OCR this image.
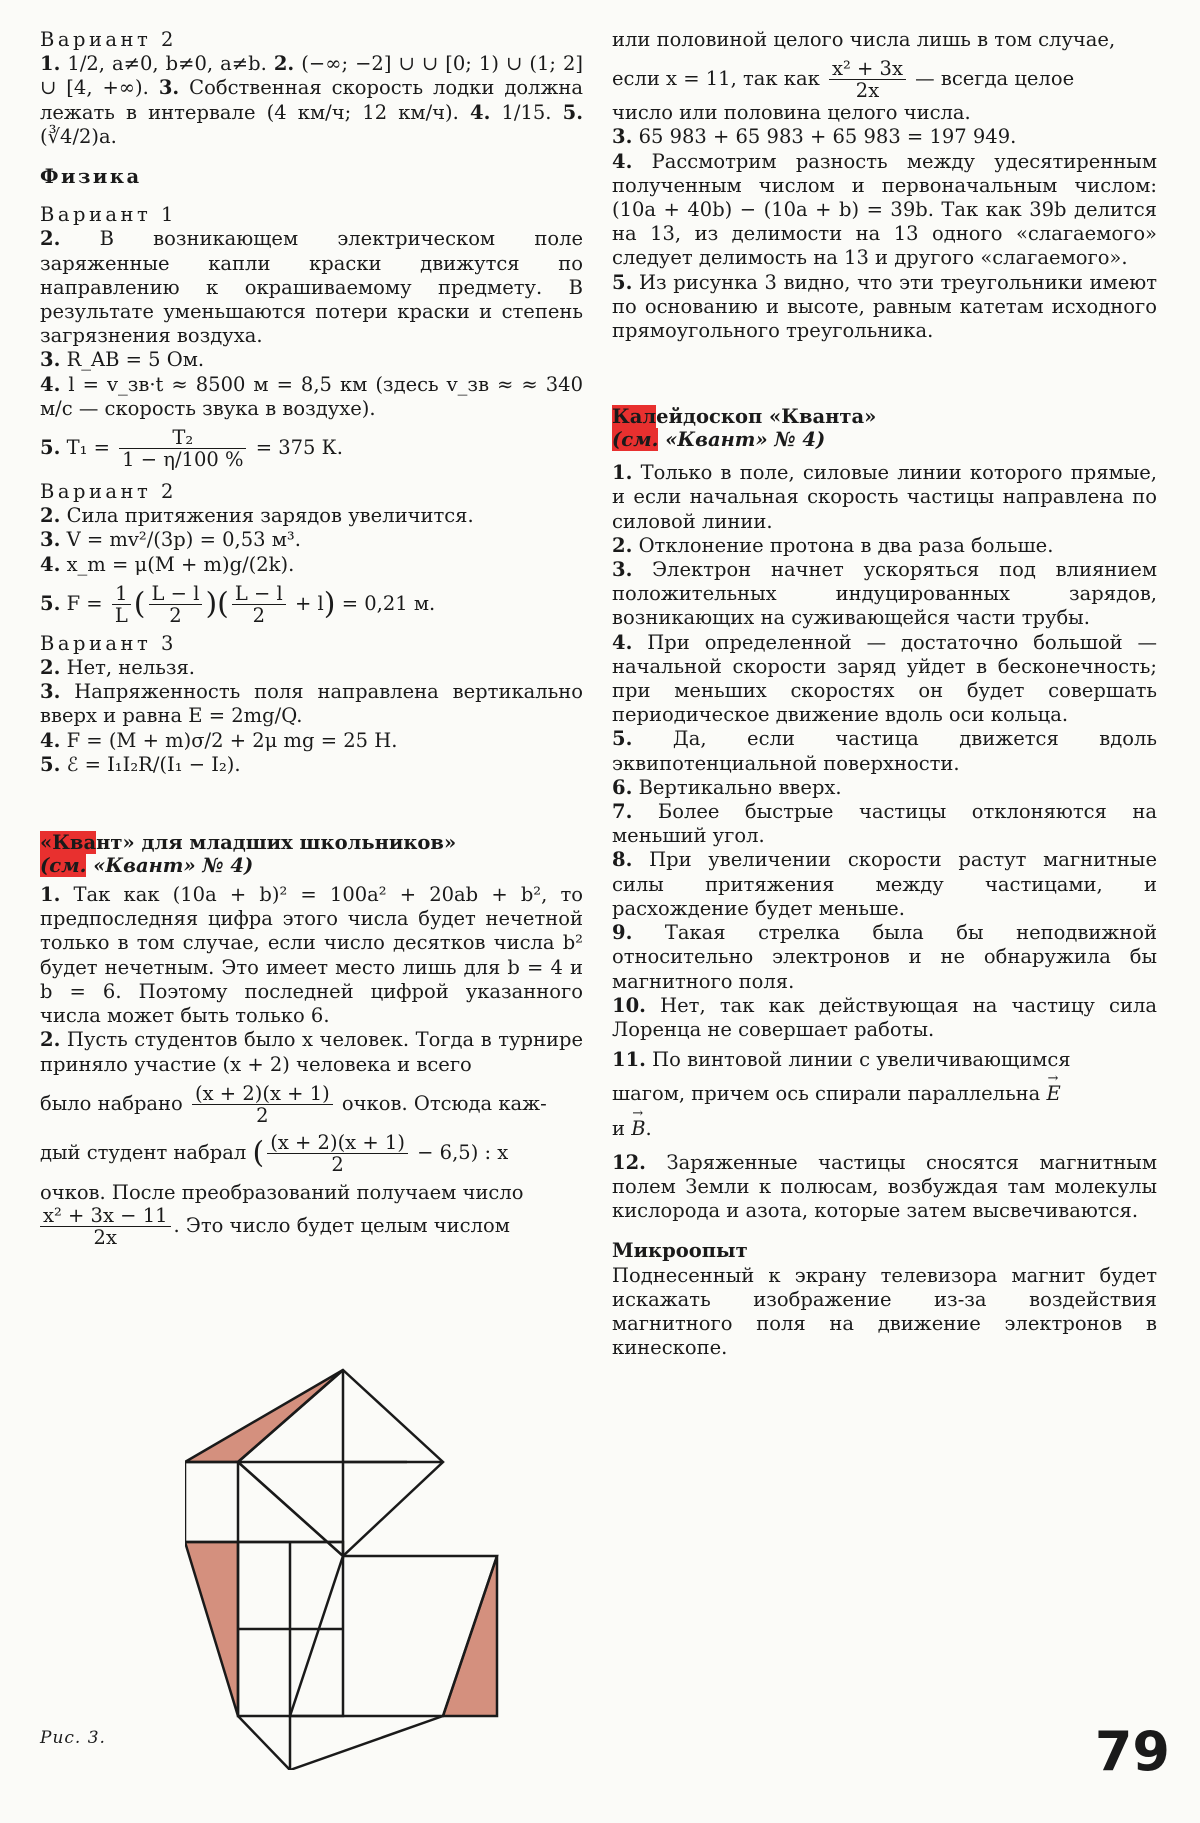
Вариант 2

1. 1/2, a≠0, b≠0, a≠b. 2. (−∞; −2] ∪ ∪ [0; 1) ∪ (1; 2] ∪ [4, +∞). 3. Собственная скорость лодки должна лежать в интервале (4 км/ч; 12 км/ч). 4. 1/15. 5. (∛4/2)a.

Физика

Вариант 1

2. В возникающем электрическом поле заряженные капли краски движутся по направлению к окрашиваемому предмету. В результате уменьшаются потери краски и степень загрязнения воздуха.

3. R_AB = 5 Ом.

4. l = v_зв·t ≈ 8500 м = 8,5 км (здесь v_зв ≈ ≈ 340 м/с — скорость звука в воздухе).

5. $T_1 = \frac{\text{T₂}}{1 - \eta/100 \%} = 375$ К.

Вариант 2

2. Сила притяжения зарядов увеличится.

3. V = mv²/(3p) = 0,53 м³.

4. x_m = μ(M + m)g/(2k).

5. $F = \frac{1}{L}$ ( $\frac{L - l}{2}$ )( $\frac{L - l}{2} + l) = 0,21$ м.

Вариант 3

2. Нет, нельзя.

3. Напряженность поля направлена вертикально вверх и равна E = 2mg/Q.

4. F = (M + m)σ/2 + 2μ mg = 25 Н.

5. ℰ = I₁I₂R/(I₁ − I₂).

«Квант» для младших школьников»
(см. «Квант» № 4)

1. Так как (10a + b)² = 100a² + 20ab + b², то предпоследняя цифра этого числа будет нечетной только в том случае, если число десятков числа b² будет нечетным. Это имеет место лишь для b = 4 и b = 6. Поэтому последней цифрой указанного числа может быть только 6.

2. Пусть студентов было x человек. Тогда в турнире приняло участие (x + 2) человека и всего

было набрано $\frac{(x + 2)(x + 1)}{2}$ очков. Отсюда каж-

дый студент набрал ( $\frac{(x + 2)(x + 1)}{2} - 6,5$) : x

очков. После преобразований получаем число

$\frac{\text{x² + 3x − 11}}{2x}$ . Это число будет целым числом

Рис. 3.

или половиной целого числа лишь в том случае,

если x = 11, так как $\frac{\text{x² + 3x}}{2x}$ — всегда целое

число или половина целого числа.

3. 65 983 + 65 983 + 65 983 = 197 949.

4. Рассмотрим разность между удесятиренным полученным числом и первоначальным числом: (10a + 40b) − (10a + b) = 39b. Так как 39b делится на 13, из делимости на 13 одного «слагаемого» следует делимость на 13 и другого «слагаемого».

5. Из рисунка 3 видно, что эти треугольники имеют по основанию и высоте, равным катетам исходного прямоугольного треугольника.

Калейдоскоп «Кванта»
(см. «Квант» № 4)

1. Только в поле, силовые линии которого прямые, и если начальная скорость частицы направлена по силовой линии.

2. Отклонение протона в два раза больше.

3. Электрон начнет ускоряться под влиянием положительных индуцированных зарядов, возникающих на суживающейся части трубы.

4. При определенной — достаточно большой — начальной скорости заряд уйдет в бесконечность; при меньших скоростях он будет совершать периодическое движение вдоль оси кольца.

5. Да, если частица движется вдоль эквипотенциальной поверхности.

6. Вертикально вверх.

7. Более быстрые частицы отклоняются на меньший угол.

8. При увеличении скорости растут магнитные силы притяжения между частицами, и расхождение будет меньше.

9. Такая стрелка была бы неподвижной относительно электронов и не обнаружила бы магнитного поля.

10. Нет, так как действующая на частицу сила Лоренца не совершает работы.

11. По винтовой линии с увеличивающимся

шагом, причем ось спирали параллельна → E

и → B.

12. Заряженные частицы сносятся магнитным полем Земли к полюсам, возбуждая там молекулы кислорода и азота, которые затем высвечиваются.

Микроопыт

Поднесенный к экрану телевизора магнит будет искажать изображение из-за воздействия магнитного поля на движение электронов в кинескопе.

79
